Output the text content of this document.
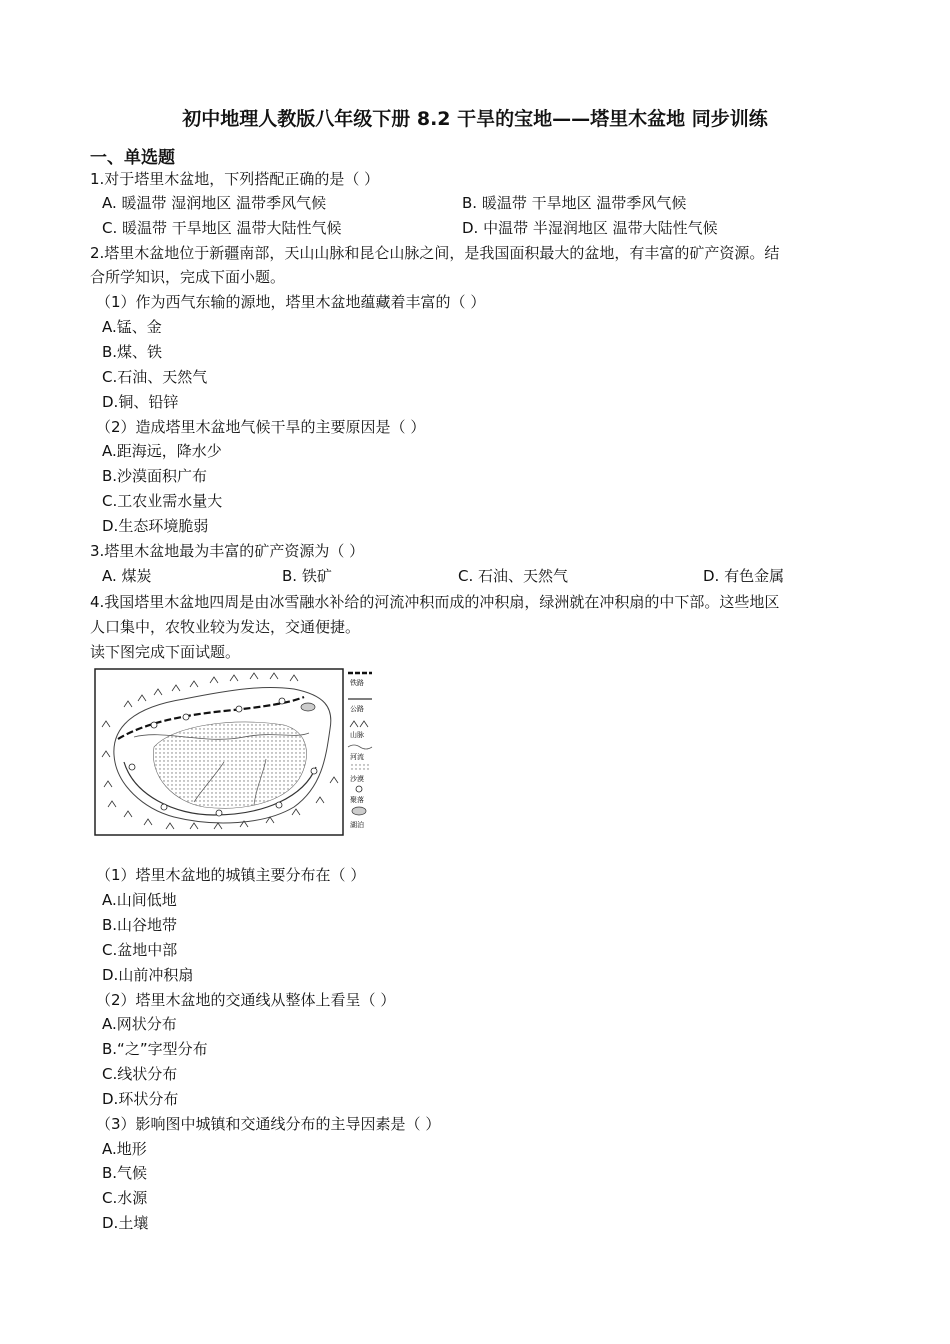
初中地理人教版八年级下册 8.2 干旱的宝地——塔里木盆地 同步训练
一、单选题
1.对于塔里木盆地，下列搭配正确的是（ ）
A. 暖温带 湿润地区 温带季风气候	B. 暖温带 干旱地区 温带季风气候
C. 暖温带 干旱地区 温带大陆性气候	D. 中温带 半湿润地区 温带大陆性气候
2.塔里木盆地位于新疆南部，天山山脉和昆仑山脉之间，是我国面积最大的盆地，有丰富的矿产资源。结
合所学知识，完成下面小题。
（1）作为西气东输的源地，塔里木盆地蕴藏着丰富的（ ）
A.锰、金
B.煤、铁
C.石油、天然气
D.铜、铅锌
（2）造成塔里木盆地气候干旱的主要原因是（ ）
A.距海远，降水少
B.沙漠面积广布
C.工农业需水量大
D.生态环境脆弱
3.塔里木盆地最为丰富的矿产资源为（ ）
A. 煤炭	B. 铁矿	C. 石油、天然气	D. 有色金属
4.我国塔里木盆地四周是由冰雪融水补给的河流冲积而成的冲积扇，绿洲就在冲积扇的中下部。这些地区
人口集中，农牧业较为发达，交通便捷。
读下图完成下面试题。
铁路
公路
山脉
河流
沙漠
聚落
湖泊
（1）塔里木盆地的城镇主要分布在（ ）
A.山间低地
B.山谷地带
C.盆地中部
D.山前冲积扇
（2）塔里木盆地的交通线从整体上看呈（ ）
A.网状分布
B.“之”字型分布
C.线状分布
D.环状分布
（3）影响图中城镇和交通线分布的主导因素是（ ）
A.地形
B.气候
C.水源
D.土壤
